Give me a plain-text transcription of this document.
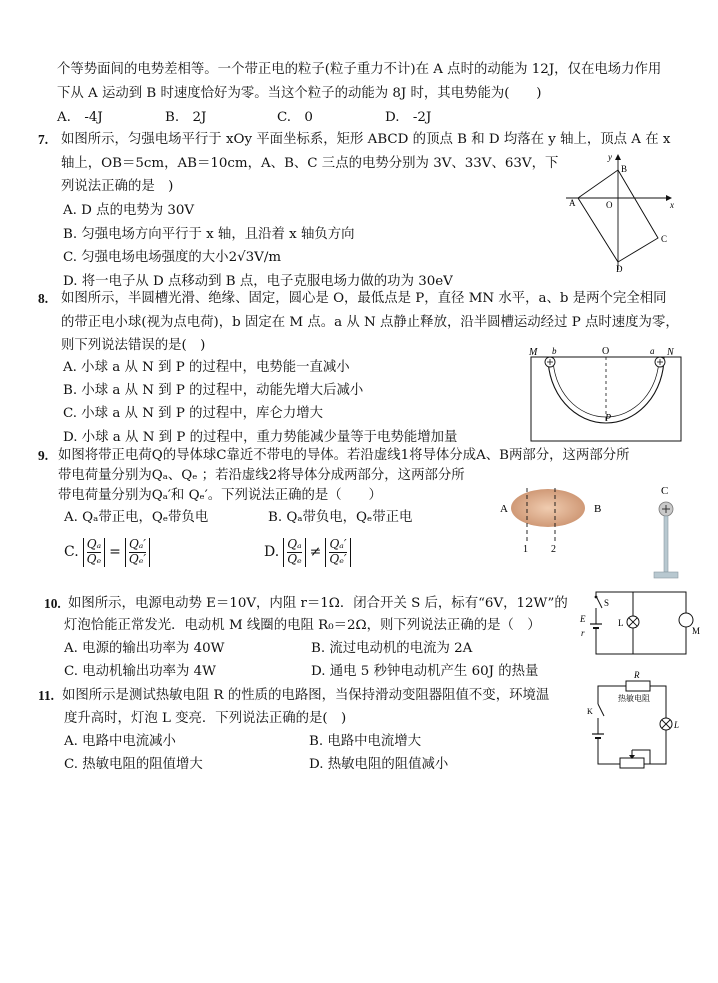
个等势面间的电势差相等。一个带正电的粒子(粒子重力不计)在 A 点时的动能为 12J，仅在电场力作用
下从 A 运动到 B 时速度恰好为零。当这个粒子的动能为 8J 时，其电势能为(　　)
A.　-4J	B.　2J	C.　0	D.　-2J
7. 如图所示，匀强电场平行于 xOy 平面坐标系，矩形 ABCD 的顶点 B 和 D 均落在 y 轴上，顶点 A 在 x
轴上，OB＝5cm，AB＝10cm，A、B、C 三点的电势分别为 3V、33V、63V，下
列说法正确的是　)
A. D 点的电势为 30V
B. 匀强电场方向平行于 x 轴，且沿着 x 轴负方向
C. 匀强电场电场强度的大小2√3V/m
D. 将一电子从 D 点移动到 B 点，电子克服电场力做的功为 30eV
y
B
A	O	x
C
D
8. 如图所示，半圆槽光滑、绝缘、固定，圆心是 O，最低点是 P，直径 MN 水平，a、b 是两个完全相同
的带正电小球(视为点电荷)，b 固定在 M 点。a 从 N 点静止释放，沿半圆槽运动经过 P 点时速度为零，
则下列说法错误的是(　)
A. 小球 a 从 N 到 P 的过程中，电势能一直减小
B. 小球 a 从 N 到 P 的过程中，动能先增大后减小
C. 小球 a 从 N 到 P 的过程中，库仑力增大
D. 小球 a 从 N 到 P 的过程中，重力势能减少量等于电势能增加量
M b	O	a N
P
9. 如图将带正电荷Q的导体球C靠近不带电的导体。若沿虚线1将导体分成A、B两部分，这两部分所
带电荷量分别为Qₐ、Qₑ ；若沿虚线2将导体分成两部分，这两部分所
带电荷量分别为Qₐ′和 Qₑ′。下列说法正确的是（　　）
A. Qₐ带正电，Qₑ带负电	B. Qₐ带负电，Qₑ带正电
C. $\frac{\text{Qₐ}}{\text{Qₑ}} = \frac{\text{Qₐ′}}{\text{Qₑ′}}$	D. $\frac{\text{Qₐ}}{\text{Qₑ}} \ne \frac{\text{Qₐ′}}{\text{Qₑ′}}$
A	B
1 2
C
10. 如图所示，电源电动势 E＝10V，内阻 r＝1Ω．闭合开关 S 后，标有“6V，12W”的
灯泡恰能正常发光．电动机 M 线圈的电阻 R₀＝2Ω，则下列说法正确的是（　）
A. 电源的输出功率为 40W	B. 流过电动机的电流为 2A
C. 电动机输出功率为 4W	D. 通电 5 秒钟电动机产生 60J 的热量
S
E
r
L
M
11. 如图所示是测试热敏电阻 R 的性质的电路图，当保持滑动变阻器阻值不变，环境温
度升高时，灯泡 L 变亮．下列说法正确的是(　)
A. 电路中电流减小	B. 电路中电流增大
C. 热敏电阻的阻值增大	D. 热敏电阻的阻值减小
R
热敏电阻
K
L
